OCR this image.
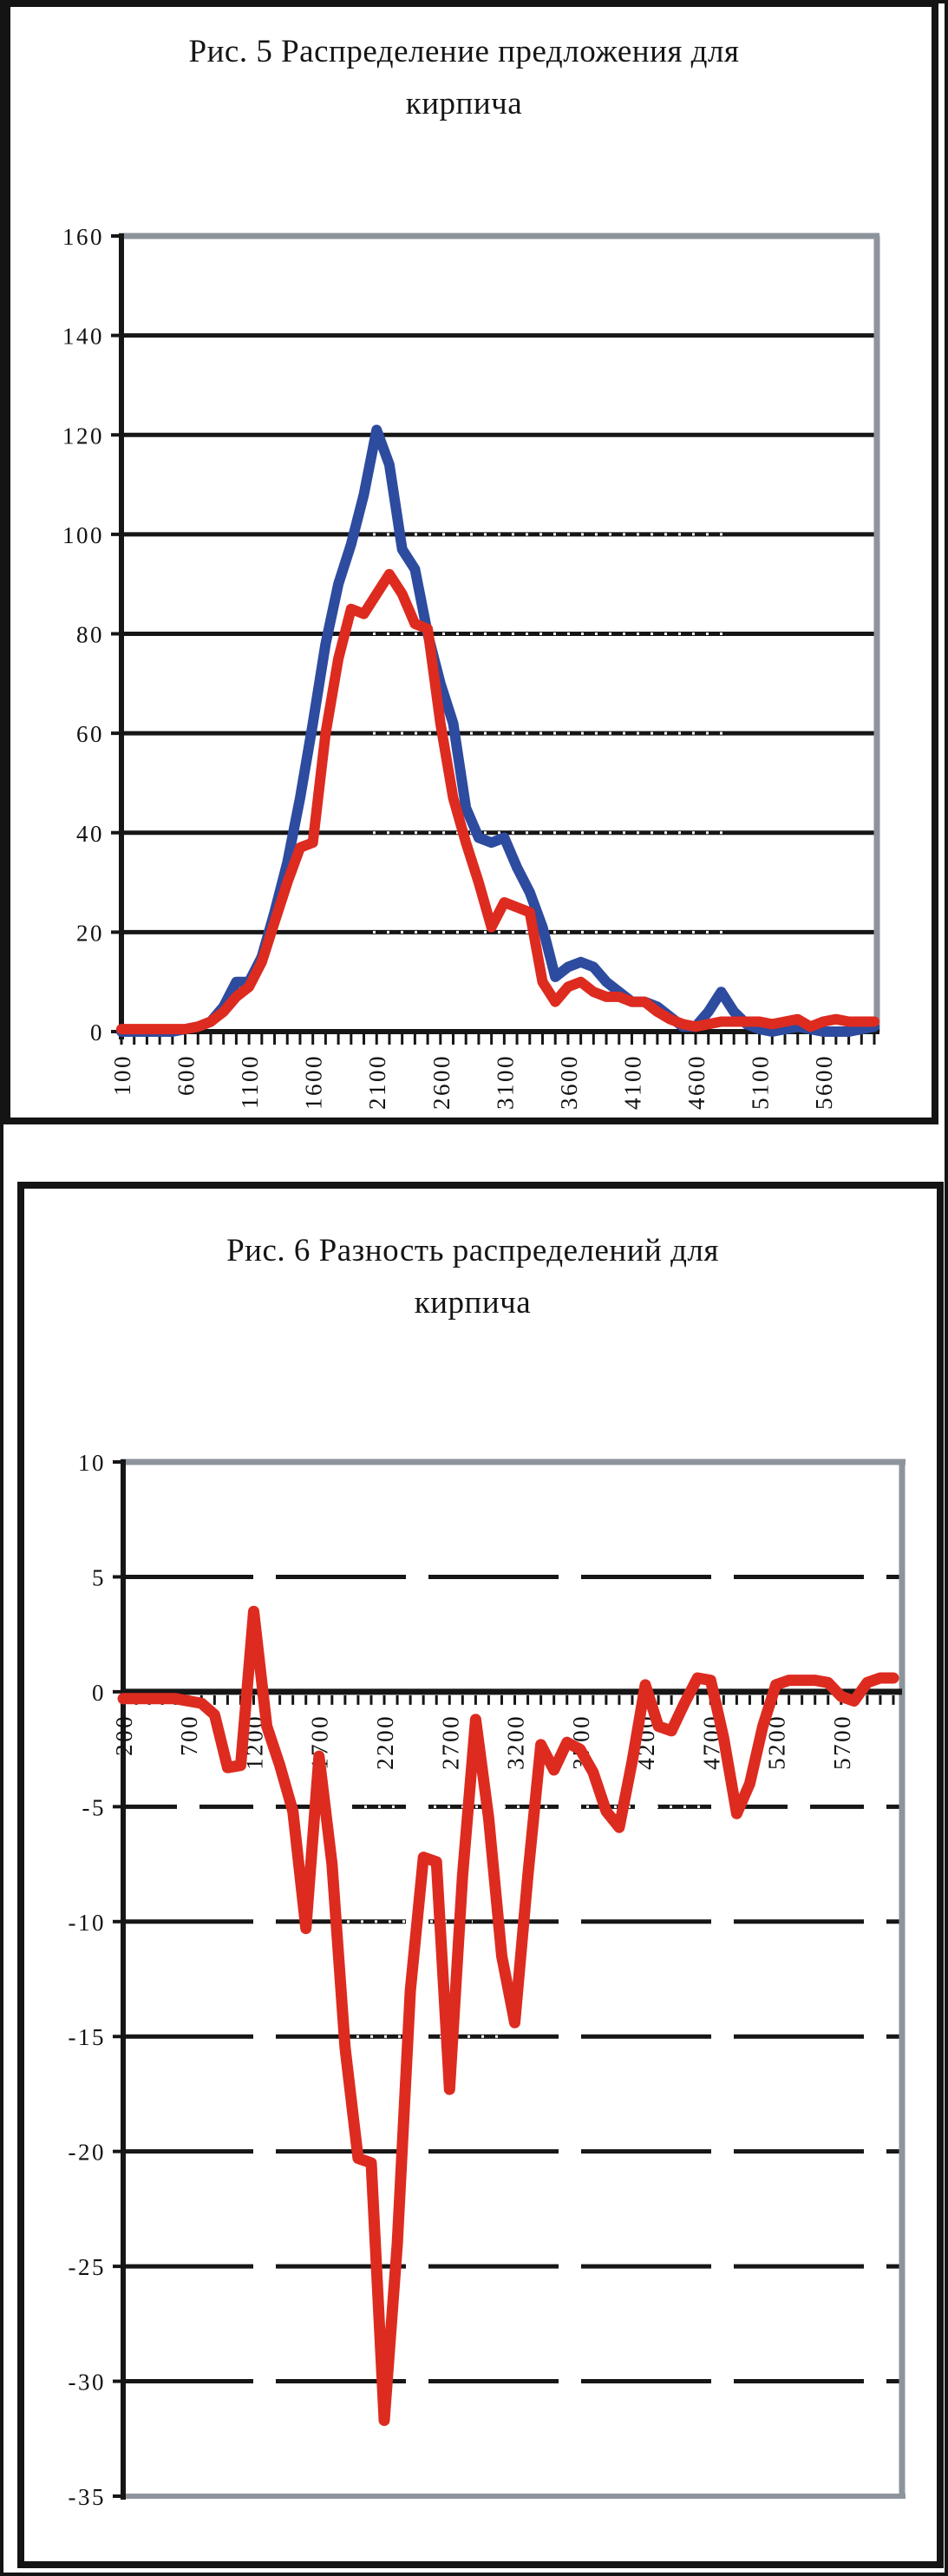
Рис. 5 Распределение предложения для кирпича
Рис. 6 Разность распределений для кирпича
0
20
40
60
80
100
120
140
160
100 600 1100 1600 2100 2600 3100 3600 4100 4600 5100 5600
10
5
0
-5
-10
-15
-20
-25
-30
-35
200 700 1200 1700 2200 2700 3200 3700 4200 4700 5200 5700
